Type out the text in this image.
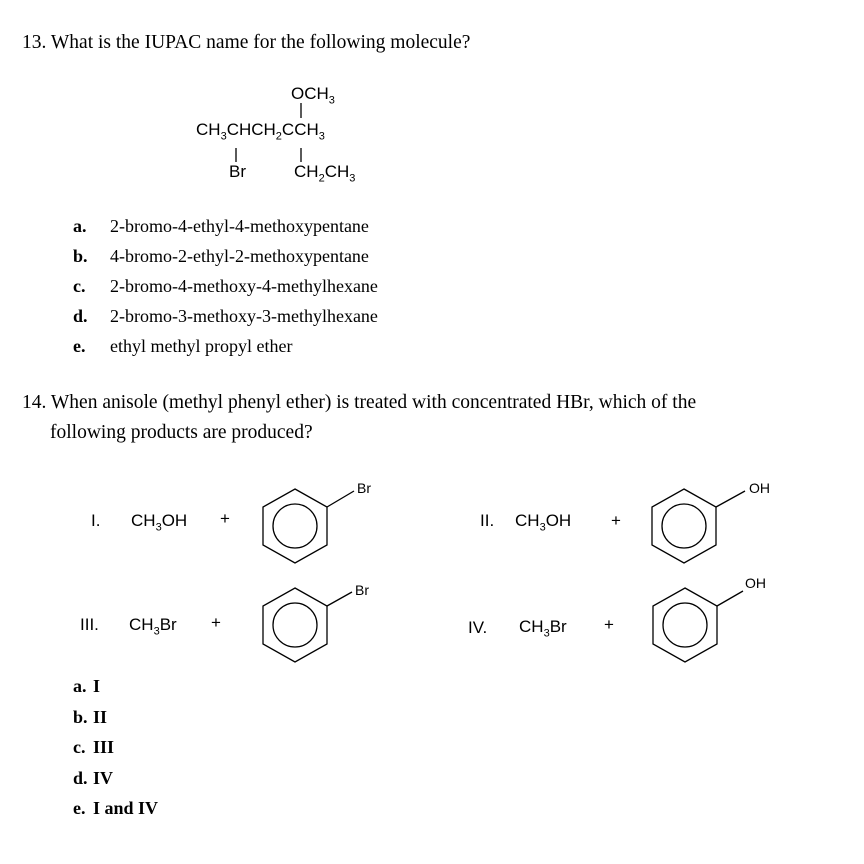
13. What is the IUPAC name for the following molecule?
$OCH_3$
$CH_3CHCH_2CCH_3$
Br	$CH_2CH_3$
a. 2-bromo-4-ethyl-4-methoxypentane
b. 4-bromo-2-ethyl-2-methoxypentane
c. 2-bromo-4-methoxy-4-methylhexane
d. 2-bromo-3-methoxy-3-methylhexane
e. ethyl methyl propyl ether
14. When anisole (methyl phenyl ether) is treated with concentrated HBr, which of the
following products are produced?
I. $CH_3OH$ +
Br
II. $CH_3OH$ +
OH
III. $CH_3Br$ +
Br
IV. $CH_3Br$ +
OH
a. I
b. II
c. III
d. IV
e. I and IV
